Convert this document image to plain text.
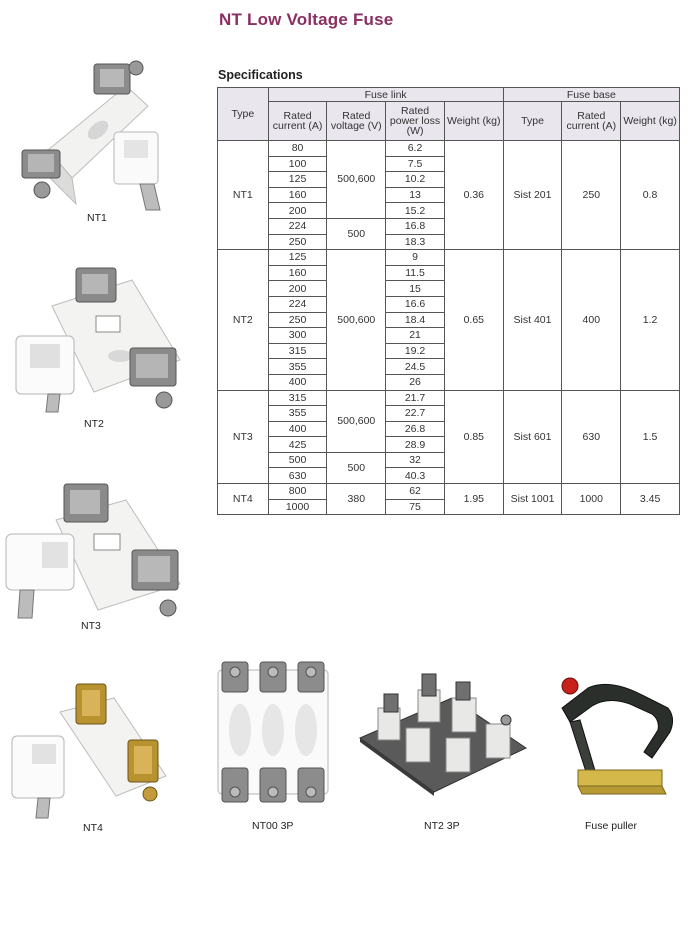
NT Low Voltage Fuse
Specifications
Type	Fuse link				Fuse base		
	Rated current (A)	Rated voltage (V)	Rated power loss (W)	Weight (kg)	Type	Rated current (A)	Weight (kg)
NT1	80	500,600	6.2	0.36	Sist 201	250	0.8
	100		7.5				
	125		10.2				
	160		13				
	200		15.2				
	224	500	16.8				
	250		18.3				
NT2	125	500,600	9	0.65	Sist 401	400	1.2
	160		11.5				
	200		15				
	224		16.6				
	250		18.4				
	300		21				
	315		19.2				
	355		24.5				
	400		26				
NT3	315	500,600	21.7	0.85	Sist 601	630	1.5
	355		22.7				
	400		26.8				
	425		28.9				
	500	500	32				
	630		40.3				
NT4	800	380	62	1.95	Sist 1001	1000	3.45
	1000		75				
NT1
NT2
NT3
NT4	NT00 3P	NT2 3P	Fuse puller
